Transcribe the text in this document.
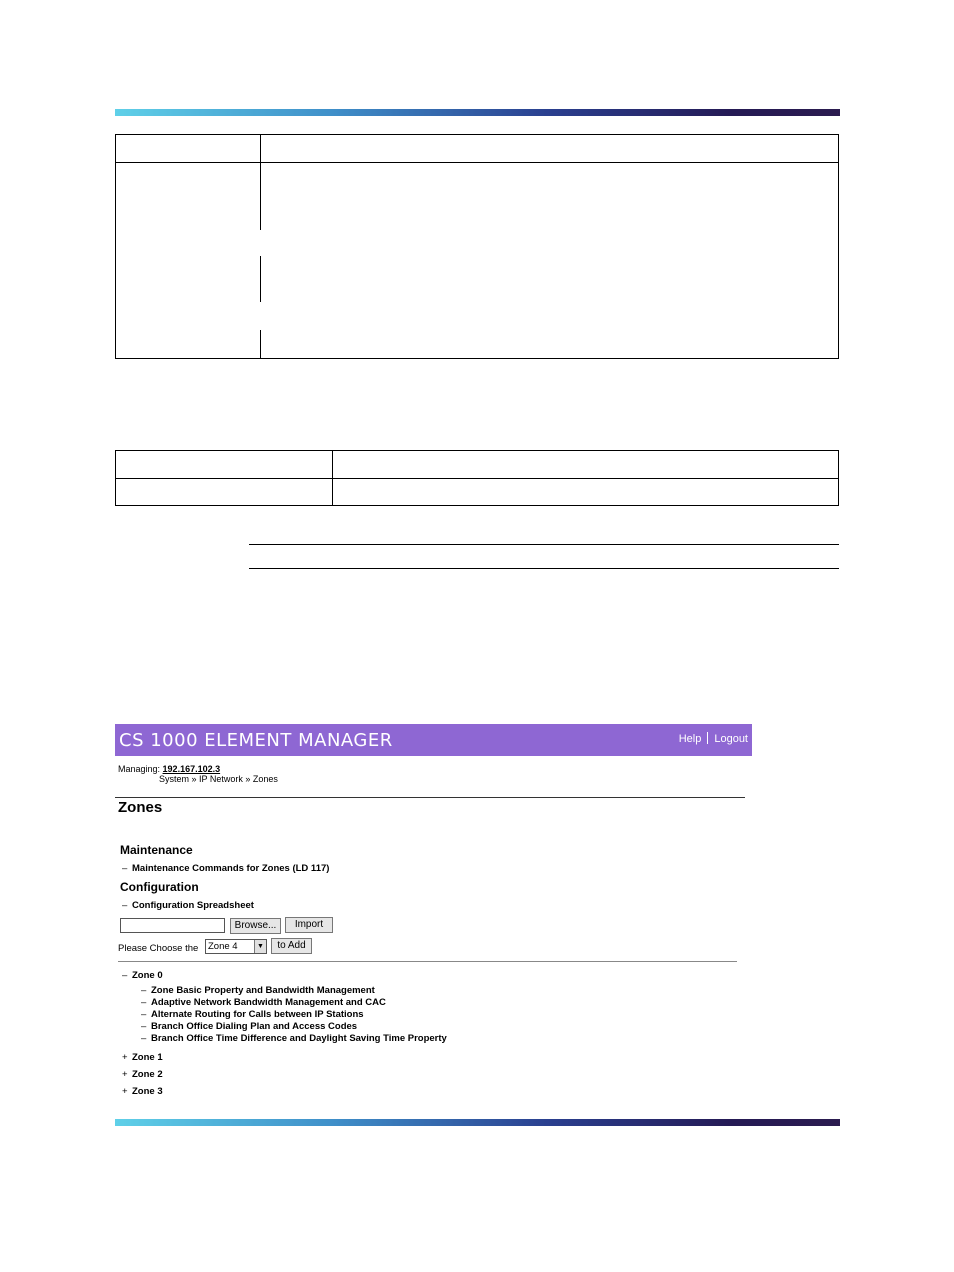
CS 1000 ELEMENT MANAGER	Help Logout
Managing: 192.167.102.3
System » IP Network » Zones
Zones
Maintenance
– Maintenance Commands for Zones (LD 117)
Configuration
– Configuration Spreadsheet
Browse...	Import
Please Choose the	Zone 4	▼	to Add
– Zone 0
– Zone Basic Property and Bandwidth Management
– Adaptive Network Bandwidth Management and CAC
– Alternate Routing for Calls between IP Stations
– Branch Office Dialing Plan and Access Codes
– Branch Office Time Difference and Daylight Saving Time Property
+ Zone 1
+ Zone 2
+ Zone 3
